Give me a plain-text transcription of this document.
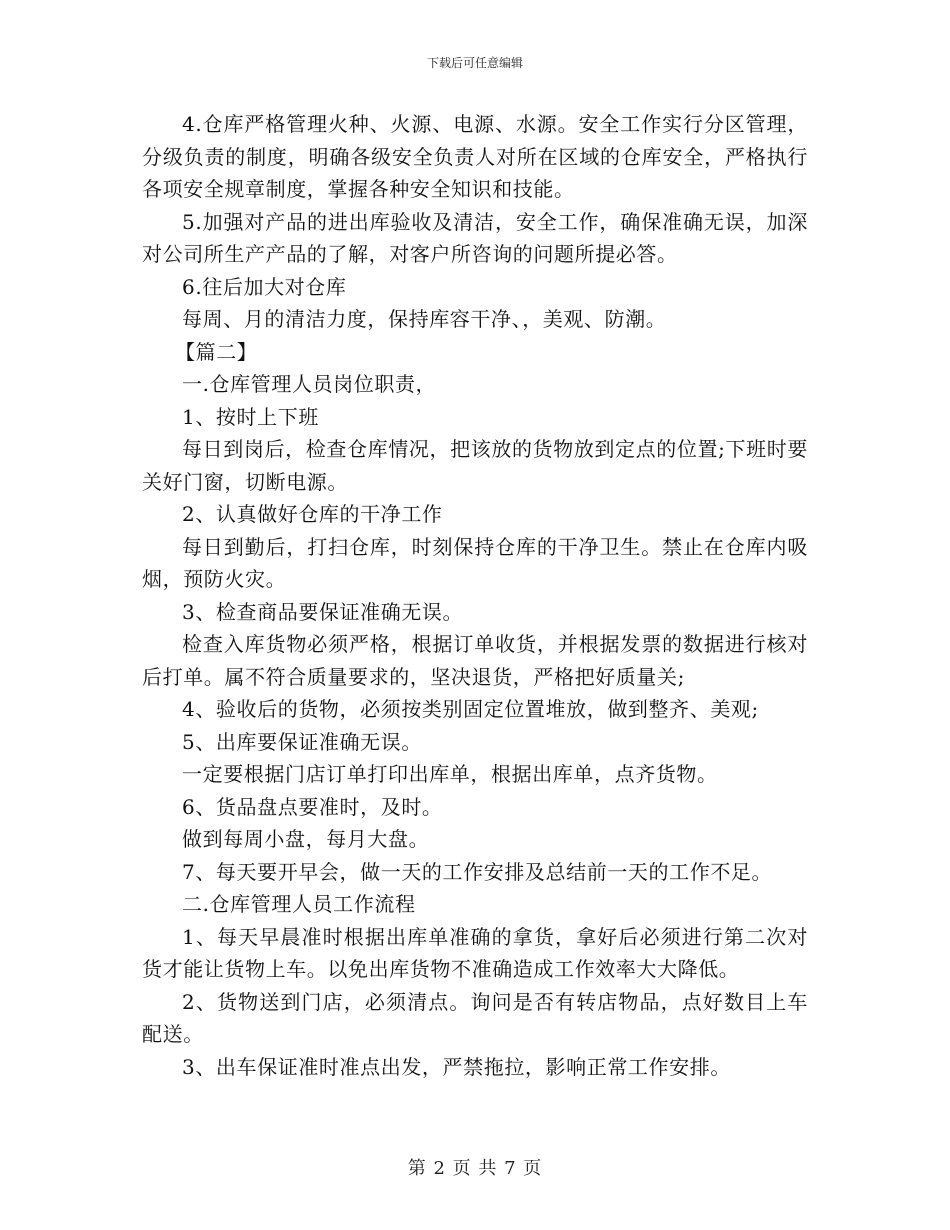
下载后可任意编辑

4.仓库严格管理火种、火源、电源、水源。安全工作实行分区管理，分级负责的制度，明确各级安全负责人对所在区域的仓库安全，严格执行各项安全规章制度，掌握各种安全知识和技能。

5.加强对产品的进出库验收及清洁，安全工作，确保准确无误，加深对公司所生产产品的了解，对客户所咨询的问题所提必答。

6.往后加大对仓库

每周、月的清洁力度，保持库容干净、，美观、防潮。

【篇二】

一.仓库管理人员岗位职责，

1、按时上下班

每日到岗后，检查仓库情况，把该放的货物放到定点的位置;下班时要关好门窗，切断电源。

2、认真做好仓库的干净工作

每日到勤后，打扫仓库，时刻保持仓库的干净卫生。禁止在仓库内吸烟，预防火灾。

3、检查商品要保证准确无误。

检查入库货物必须严格，根据订单收货，并根据发票的数据进行核对后打单。属不符合质量要求的，坚决退货，严格把好质量关;

4、验收后的货物，必须按类别固定位置堆放，做到整齐、美观;

5、出库要保证准确无误。

一定要根据门店订单打印出库单，根据出库单，点齐货物。

6、货品盘点要准时，及时。

做到每周小盘，每月大盘。

7、每天要开早会，做一天的工作安排及总结前一天的工作不足。

二.仓库管理人员工作流程

1、每天早晨准时根据出库单准确的拿货，拿好后必须进行第二次对货才能让货物上车。以免出库货物不准确造成工作效率大大降低。

2、货物送到门店，必须清点。询问是否有转店物品，点好数目上车配送。

3、出车保证准时准点出发，严禁拖拉，影响正常工作安排。

第 2 页 共 7 页
